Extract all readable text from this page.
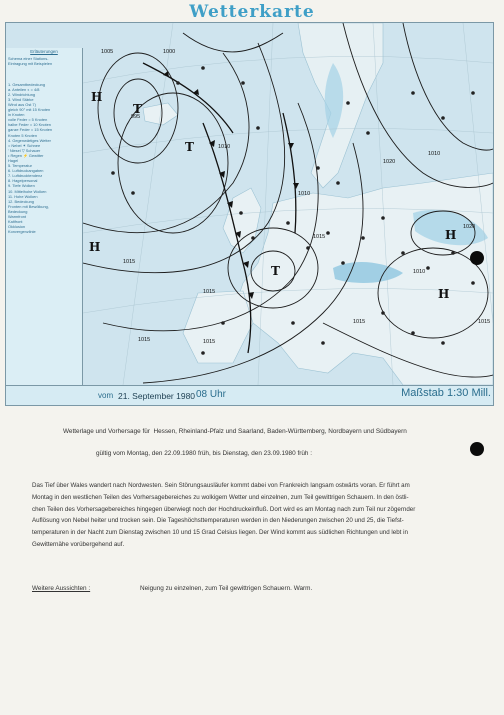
Wetterkarte
Erläuterungen
Schema einer Stations-
Eintragung mit Beispielen

1. Gesamtbedeckung
a. Anteilen ◐ = 4/8
2. Windrichtung
3. Wind Stärke
Wind aus Ost 7)
gleich 90° mit 15 Knoten
in Knoten
volle Feder = 5 Knoten
halbe Feder = 10 Knoten
ganze Feder = 15 Knoten
Knoten 5 Knoten
4. Gegenwärtiges Wetter
= Nebel ✶ Schnee
' Niesel ▽ Schauer
• Regen ⚡ Gewitter
Hagel
5. Temperatur
6. Luftdruckangaben
7. Luftdrucktendenz
8. Hagelpersonal
9. Tiefe Wolken
10. Mittelhohe Wolken
11. Hohe Wolken
12. Bedeckung
Fronten mit Bewölkung,
Bedeckung
Warmfront
Kaltfront
Okklusion
Konvergenzlinie
1005	1000
995
1010
1015
1015
1015
1010
1015
1020
1015
1015
1010
1020
1015
1010
T
T
T
H
H
H
H
vom 21. September 1980 08 Uhr	Maßstab 1:30 Mill.
Wetterlage und Vorhersage für Hessen, Rheinland-Pfalz und Saarland, Baden-Württemberg, Nordbayern und Südbayern
gültig vom Montag, den 22.09.1980 früh, bis Dienstag, den 23.09.1980 früh :
Das Tief über Wales wandert nach Nordwesten. Sein Störungsausläufer kommt dabei von Frankreich langsam ostwärts voran. Er führt am
Montag in den westlichen Teilen des Vorhersagebereiches zu wolkigem Wetter und einzelnen, zum Teil gewittrigen Schauern. In den östli-
chen Teilen des Vorhersagebereiches hingegen überwiegt noch der Hochdruckeinfluß. Dort wird es am Montag nach zum Teil nur zögernder
Auflösung von Nebel heiter und trocken sein. Die Tageshöchsttemperaturen werden in den Niederungen zwischen 20 und 25, die Tiefst-
temperaturen in der Nacht zum Dienstag zwischen 10 und 15 Grad Celsius liegen. Der Wind kommt aus südlichen Richtungen und lebt in
Gewitternähe vorübergehend auf.
Weitere Aussichten :	Neigung zu einzelnen, zum Teil gewittrigen Schauern. Warm.
